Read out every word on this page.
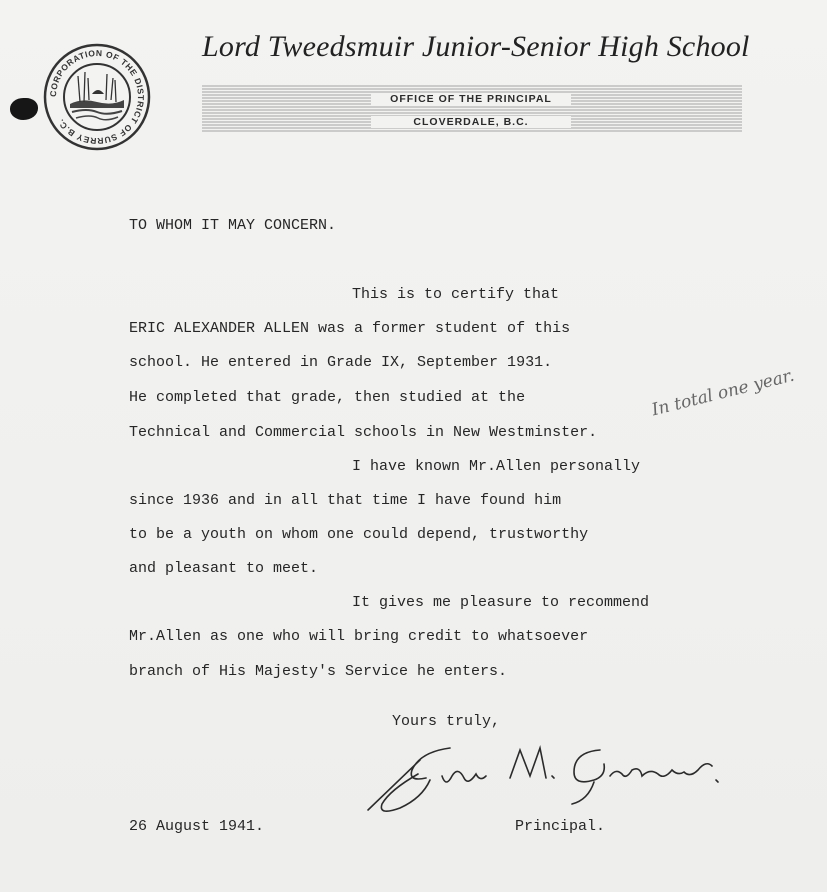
CORPORATION OF THE DISTRICT OF SURREY B.C.
Lord Tweedsmuir Junior-Senior High School
OFFICE OF THE PRINCIPAL
CLOVERDALE, B.C.
TO WHOM IT MAY CONCERN.
This is to certify that
ERIC ALEXANDER ALLEN was a former student of this
school. He entered in Grade IX, September 1931.
He completed that grade, then studied at the
Technical and Commercial schools in New Westminster.
I have known Mr.Allen personally
since 1936 and in all that time I have found him
to be a youth on whom one could depend, trustworthy
and pleasant to meet.
It gives me pleasure to recommend
Mr.Allen as one who will bring credit to whatsoever
branch of His Majesty's Service he enters.
In total one year.
Yours truly,
26 August 1941.	Principal.
